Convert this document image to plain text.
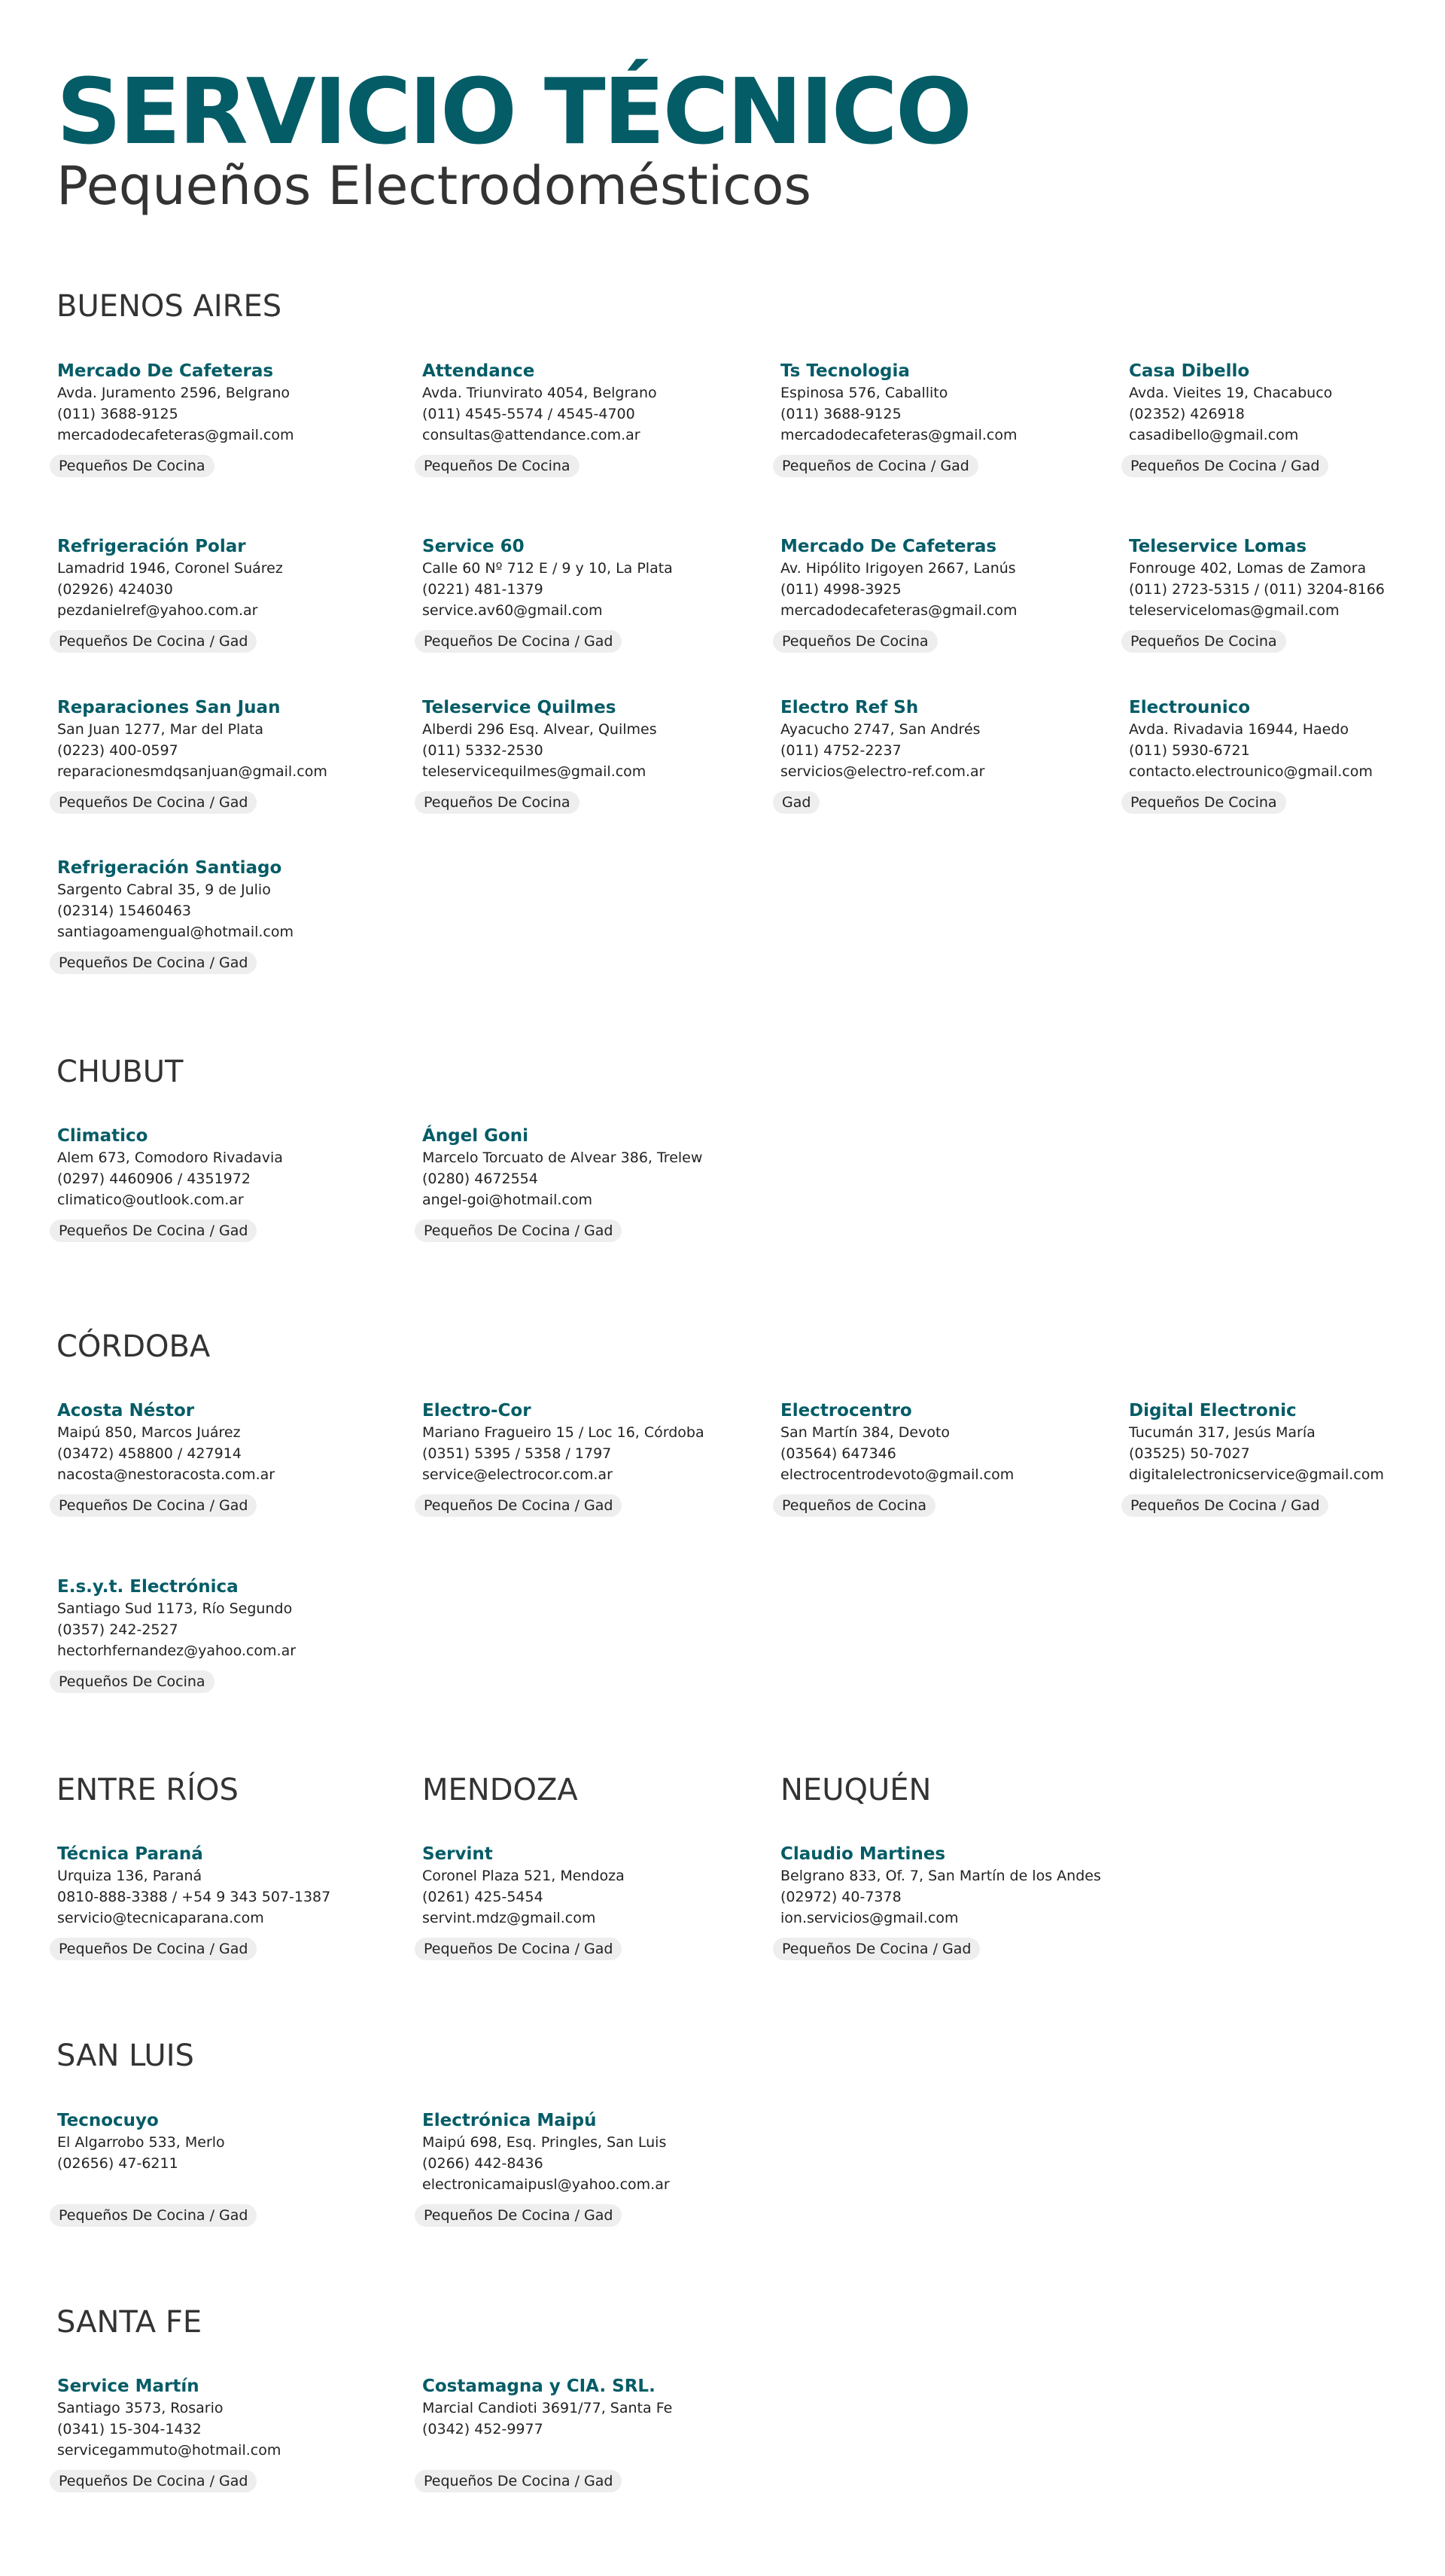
SERVICIO TÉCNICO
Pequeños Electrodomésticos
BUENOS AIRES
Mercado De Cafeteras
Avda. Juramento 2596, Belgrano
(011) 3688-9125
mercadodecafeteras@gmail.com
Pequeños De Cocina
Attendance
Avda. Triunvirato 4054, Belgrano
(011) 4545-5574 / 4545-4700
consultas@attendance.com.ar
Pequeños De Cocina
Ts Tecnologia
Espinosa 576, Caballito
(011) 3688-9125
mercadodecafeteras@gmail.com
Pequeños de Cocina / Gad
Casa Dibello
Avda. Vieites 19, Chacabuco
(02352) 426918
casadibello@gmail.com
Pequeños De Cocina / Gad
Refrigeración Polar
Lamadrid 1946, Coronel Suárez
(02926) 424030
pezdanielref@yahoo.com.ar
Pequeños De Cocina / Gad
Service 60
Calle 60 Nº 712 E / 9 y 10, La Plata
(0221) 481-1379
service.av60@gmail.com
Pequeños De Cocina / Gad
Mercado De Cafeteras
Av. Hipólito Irigoyen 2667, Lanús
(011) 4998-3925
mercadodecafeteras@gmail.com
Pequeños De Cocina
Teleservice Lomas
Fonrouge 402, Lomas de Zamora
(011) 2723-5315 / (011) 3204-8166
teleservicelomas@gmail.com
Pequeños De Cocina
Reparaciones San Juan
San Juan 1277, Mar del Plata
(0223) 400-0597
reparacionesmdqsanjuan@gmail.com
Pequeños De Cocina / Gad
Teleservice Quilmes
Alberdi 296 Esq. Alvear, Quilmes
(011) 5332-2530
teleservicequilmes@gmail.com
Pequeños De Cocina
Electro Ref Sh
Ayacucho 2747, San Andrés
(011) 4752-2237
servicios@electro-ref.com.ar
Gad
Electrounico
Avda. Rivadavia 16944, Haedo
(011) 5930-6721
contacto.electrounico@gmail.com
Pequeños De Cocina
Refrigeración Santiago
Sargento Cabral 35, 9 de Julio
(02314) 15460463
santiagoamengual@hotmail.com
Pequeños De Cocina / Gad
CHUBUT
Climatico
Alem 673, Comodoro Rivadavia
(0297) 4460906 / 4351972
climatico@outlook.com.ar
Pequeños De Cocina / Gad
Ángel Goni
Marcelo Torcuato de Alvear 386, Trelew
(0280) 4672554
angel-goi@hotmail.com
Pequeños De Cocina / Gad
CÓRDOBA
Acosta Néstor
Maipú 850, Marcos Juárez
(03472) 458800 / 427914
nacosta@nestoracosta.com.ar
Pequeños De Cocina / Gad
Electro-Cor
Mariano Fragueiro 15 / Loc 16, Córdoba
(0351) 5395 / 5358 / 1797
service@electrocor.com.ar
Pequeños De Cocina / Gad
Electrocentro
San Martín 384, Devoto
(03564) 647346
electrocentrodevoto@gmail.com
Pequeños de Cocina
Digital Electronic
Tucumán 317, Jesús María
(03525) 50-7027
digitalelectronicservice@gmail.com
Pequeños De Cocina / Gad
E.s.y.t. Electrónica
Santiago Sud 1173, Río Segundo
(0357) 242-2527
hectorhfernandez@yahoo.com.ar
Pequeños De Cocina
ENTRE RÍOS	MENDOZA	NEUQUÉN
Técnica Paraná
Urquiza 136, Paraná
0810-888-3388 / +54 9 343 507-1387
servicio@tecnicaparana.com
Pequeños De Cocina / Gad
Servint
Coronel Plaza 521, Mendoza
(0261) 425-5454
servint.mdz@gmail.com
Pequeños De Cocina / Gad
Claudio Martines
Belgrano 833, Of. 7, San Martín de los Andes
(02972) 40-7378
ion.servicios@gmail.com
Pequeños De Cocina / Gad
SAN LUIS
Tecnocuyo
El Algarrobo 533, Merlo
(02656) 47-6211
Pequeños De Cocina / Gad
Electrónica Maipú
Maipú 698, Esq. Pringles, San Luis
(0266) 442-8436
electronicamaipusl@yahoo.com.ar
Pequeños De Cocina / Gad
SANTA FE
Service Martín
Santiago 3573, Rosario
(0341) 15-304-1432
servicegammuto@hotmail.com
Pequeños De Cocina / Gad
Costamagna y CIA. SRL.
Marcial Candioti 3691/77, Santa Fe
(0342) 452-9977
Pequeños De Cocina / Gad
